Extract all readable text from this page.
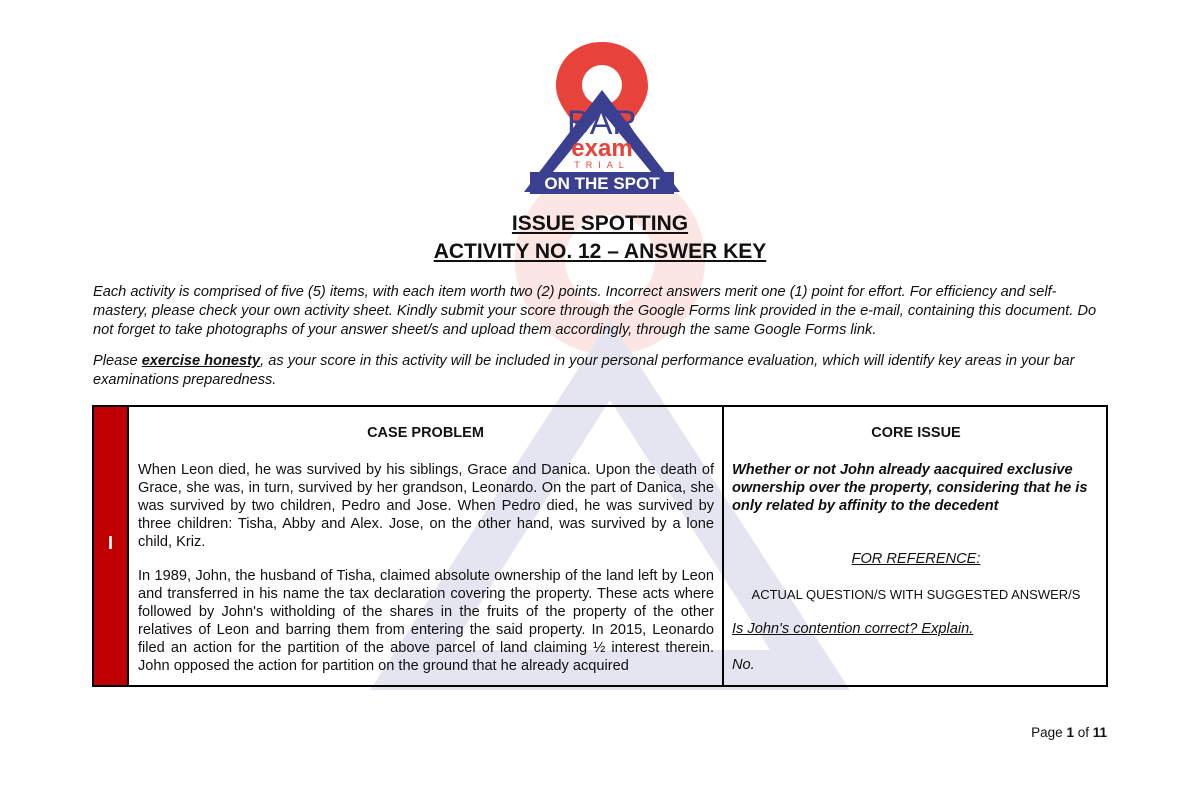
BAR
exam
TRIAL
ON THE SPOT
ISSUE SPOTTING
ACTIVITY NO. 12 – ANSWER KEY
Each activity is comprised of five (5) items, with each item worth two (2) points. Incorrect answers merit one (1) point for effort. For efficiency and self-mastery, please check your own activity sheet. Kindly submit your score through the Google Forms link provided in the e-mail, containing this document. Do not forget to take photographs of your answer sheet/s and upload them accordingly, through the same Google Forms link.
Please exercise honesty, as your score in this activity will be included in your personal performance evaluation, which will identify key areas in your bar examinations preparedness.
I
CASE PROBLEM	CORE ISSUE
When Leon died, he was survived by his siblings, Grace and Danica. Upon the death of Grace, she was, in turn, survived by her grandson, Leonardo. On the part of Danica, she was survived by two children, Pedro and Jose. When Pedro died, he was survived by three children: Tisha, Abby and Alex. Jose, on the other hand, was survived by a lone child, Kriz.
In 1989, John, the husband of Tisha, claimed absolute ownership of the land left by Leon and transferred in his name the tax declaration covering the property. These acts where followed by John's witholding of the shares in the fruits of the property of the other relatives of Leon and barring them from entering the said property. In 2015, Leonardo filed an action for the partition of the above parcel of land claiming ½ interest therein. John opposed the action for partition on the ground that he already acquired
Whether or not John already aacquired exclusive ownership over the property, considering that he is only related by affinity to the decedent
FOR REFERENCE:
ACTUAL QUESTION/S WITH SUGGESTED ANSWER/S
Is John's contention correct? Explain.
No.
Page 1 of 11
